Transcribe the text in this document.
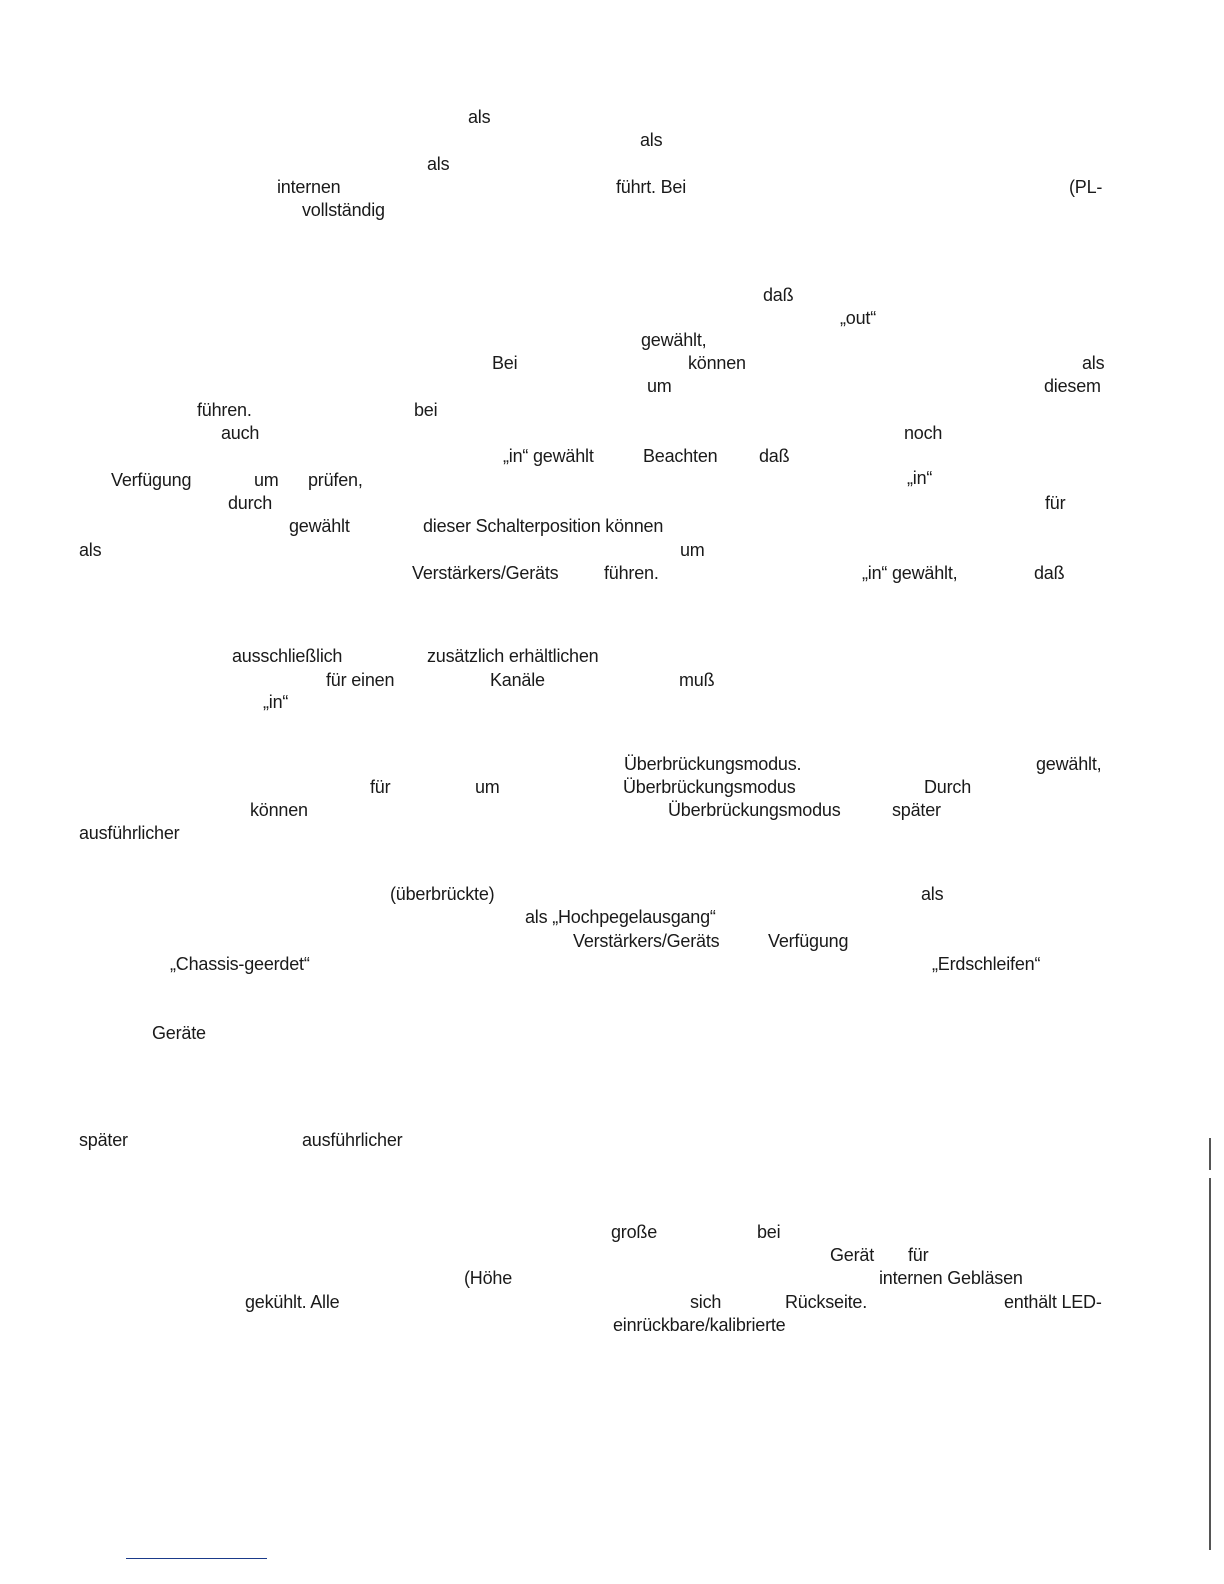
als
als
als
internen	führt. Bei	(PL-
vollständig
daß
„out“
gewählt,
Bei	können	als
um	diesem
führen.	bei
auch	noch
„in“ gewählt	Beachten daß
Verfügung	um prüfen,	„in“
durch	für
gewählt	dieser Schalterposition können
als	um
Verstärkers/Geräts	führen.	„in“ gewählt,	daß
ausschließlich	zusätzlich erhältlichen
für einen	Kanäle	muß
„in“
Überbrückungsmodus.	gewählt,
für	um	Überbrückungsmodus	Durch
können	Überbrückungsmodus	später
ausführlicher
(überbrückte)	als
als „Hochpegelausgang“
Verstärkers/Geräts	Verfügung
„Chassis-geerdet“	„Erdschleifen“
Geräte
später	ausführlicher
große	bei
Gerät für
(Höhe	internen Gebläsen
gekühlt. Alle	sich	Rückseite.	enthält LED-
einrückbare/kalibrierte
